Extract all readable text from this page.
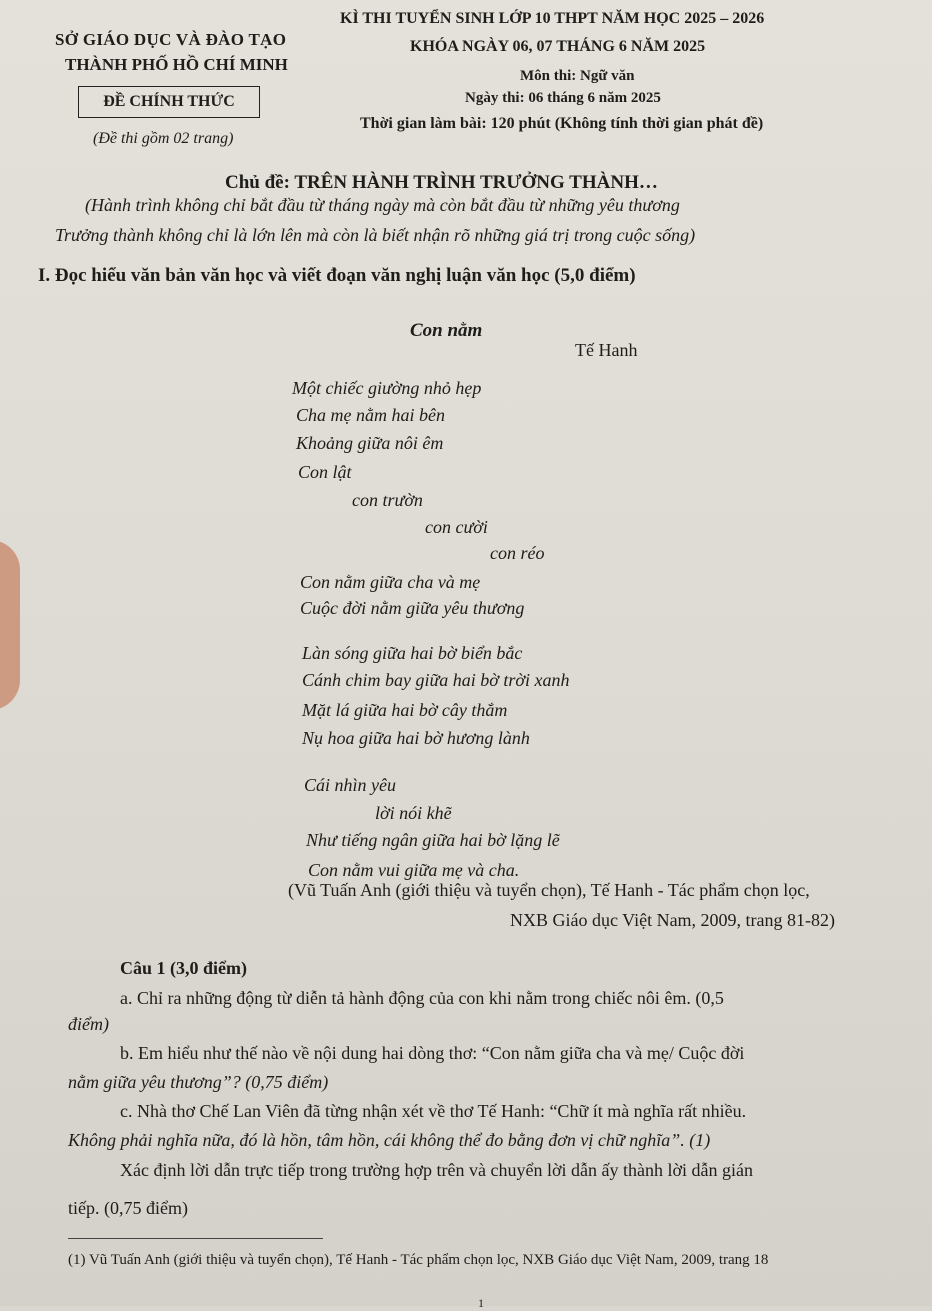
SỞ GIÁO DỤC VÀ ĐÀO TẠO
THÀNH PHỐ HỒ CHÍ MINH
ĐỀ CHÍNH THỨC
(Đề thi gồm 02 trang)
KÌ THI TUYỂN SINH LỚP 10 THPT NĂM HỌC 2025 – 2026
KHÓA NGÀY 06, 07 THÁNG 6 NĂM 2025
Môn thi: Ngữ văn
Ngày thi: 06 tháng 6 năm 2025
Thời gian làm bài: 120 phút (Không tính thời gian phát đề)
Chủ đề: TRÊN HÀNH TRÌNH TRƯỞNG THÀNH…
(Hành trình không chỉ bắt đầu từ tháng ngày mà còn bắt đầu từ những yêu thương
Trưởng thành không chỉ là lớn lên mà còn là biết nhận rõ những giá trị trong cuộc sống)
I. Đọc hiểu văn bản văn học và viết đoạn văn nghị luận văn học (5,0 điểm)
Con nằm
Tế Hanh
Một chiếc giường nhỏ hẹp
Cha mẹ nằm hai bên
Khoảng giữa nôi êm
Con lật
con trườn
con cười
con réo
Con nằm giữa cha và mẹ
Cuộc đời nằm giữa yêu thương
Làn sóng giữa hai bờ biển bắc
Cánh chim bay giữa hai bờ trời xanh
Mặt lá giữa hai bờ cây thắm
Nụ hoa giữa hai bờ hương lành
Cái nhìn yêu
lời nói khẽ
Như tiếng ngân giữa hai bờ lặng lẽ
Con nằm vui giữa mẹ và cha.
(Vũ Tuấn Anh (giới thiệu và tuyển chọn), Tế Hanh - Tác phẩm chọn lọc,
NXB Giáo dục Việt Nam, 2009, trang 81-82)
Câu 1 (3,0 điểm)
a. Chỉ ra những động từ diễn tả hành động của con khi nằm trong chiếc nôi êm. (0,5
điểm)
b. Em hiểu như thế nào về nội dung hai dòng thơ: “Con nằm giữa cha và mẹ/ Cuộc đời
nằm giữa yêu thương”? (0,75 điểm)
c. Nhà thơ Chế Lan Viên đã từng nhận xét về thơ Tế Hanh: “Chữ ít mà nghĩa rất nhiều.
Không phải nghĩa nữa, đó là hồn, tâm hồn, cái không thể đo bằng đơn vị chữ nghĩa”. (1)
Xác định lời dẫn trực tiếp trong trường hợp trên và chuyển lời dẫn ấy thành lời dẫn gián
tiếp. (0,75 điểm)
(1) Vũ Tuấn Anh (giới thiệu và tuyển chọn), Tế Hanh - Tác phẩm chọn lọc, NXB Giáo dục Việt Nam, 2009, trang 18
1
